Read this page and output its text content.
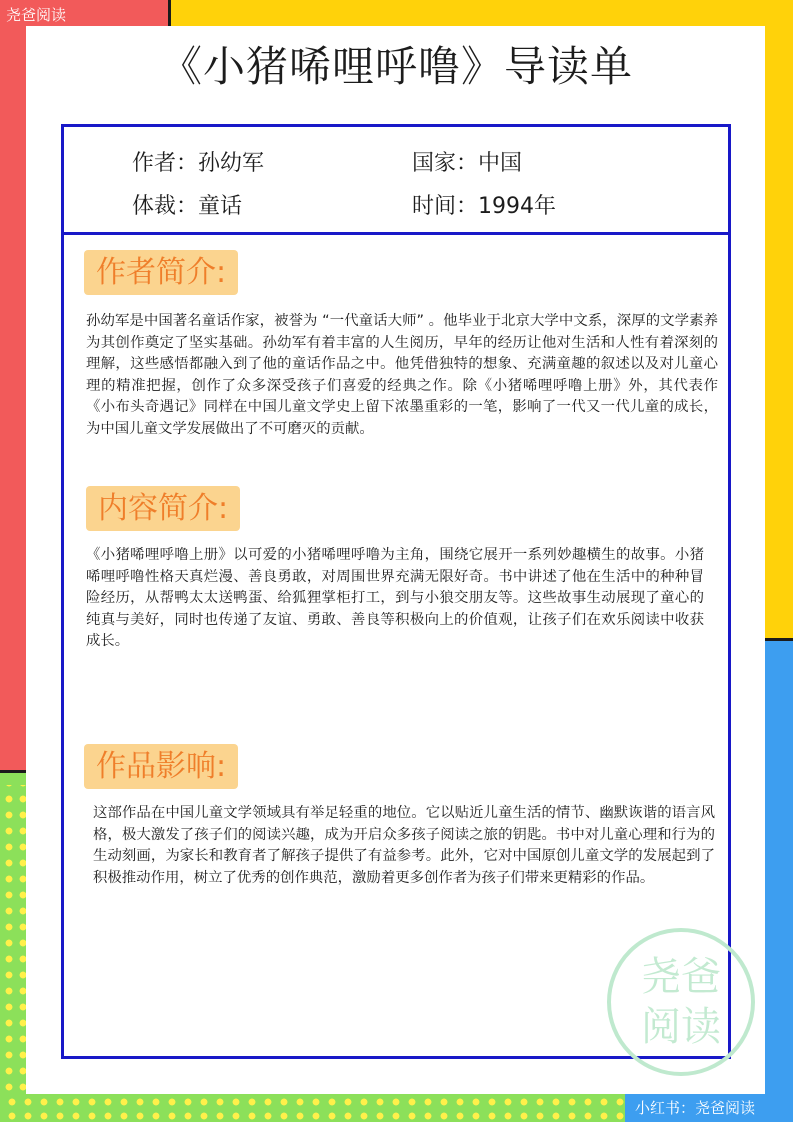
尧爸阅读
《小猪唏哩呼噜》导读单
作者：孙幼军	国家：中国
体裁：童话	时间：1994年
作者简介:
孙幼军是中国著名童话作家，被誉为 “一代童话大师” 。他毕业于北京大学中文系，深厚的文学素养为其创作奠定了坚实基础。孙幼军有着丰富的人生阅历，早年的经历让他对生活和人性有着深刻的理解，这些感悟都融入到了他的童话作品之中。他凭借独特的想象、充满童趣的叙述以及对儿童心理的精准把握，创作了众多深受孩子们喜爱的经典之作。除《小猪唏哩呼噜上册》外，其代表作《小布头奇遇记》同样在中国儿童文学史上留下浓墨重彩的一笔，影响了一代又一代儿童的成长，为中国儿童文学发展做出了不可磨灭的贡献。
内容简介:
《小猪唏哩呼噜上册》以可爱的小猪唏哩呼噜为主角，围绕它展开一系列妙趣横生的故事。小猪唏哩呼噜性格天真烂漫、善良勇敢，对周围世界充满无限好奇。书中讲述了他在生活中的种种冒险经历，从帮鸭太太送鸭蛋、给狐狸掌柜打工，到与小狼交朋友等。这些故事生动展现了童心的纯真与美好，同时也传递了友谊、勇敢、善良等积极向上的价值观，让孩子们在欢乐阅读中收获成长。
作品影响:
这部作品在中国儿童文学领域具有举足轻重的地位。它以贴近儿童生活的情节、幽默诙谐的语言风格，极大激发了孩子们的阅读兴趣，成为开启众多孩子阅读之旅的钥匙。书中对儿童心理和行为的生动刻画，为家长和教育者了解孩子提供了有益参考。此外，它对中国原创儿童文学的发展起到了积极推动作用，树立了优秀的创作典范，激励着更多创作者为孩子们带来更精彩的作品。
尧爸
阅读
小红书：尧爸阅读
